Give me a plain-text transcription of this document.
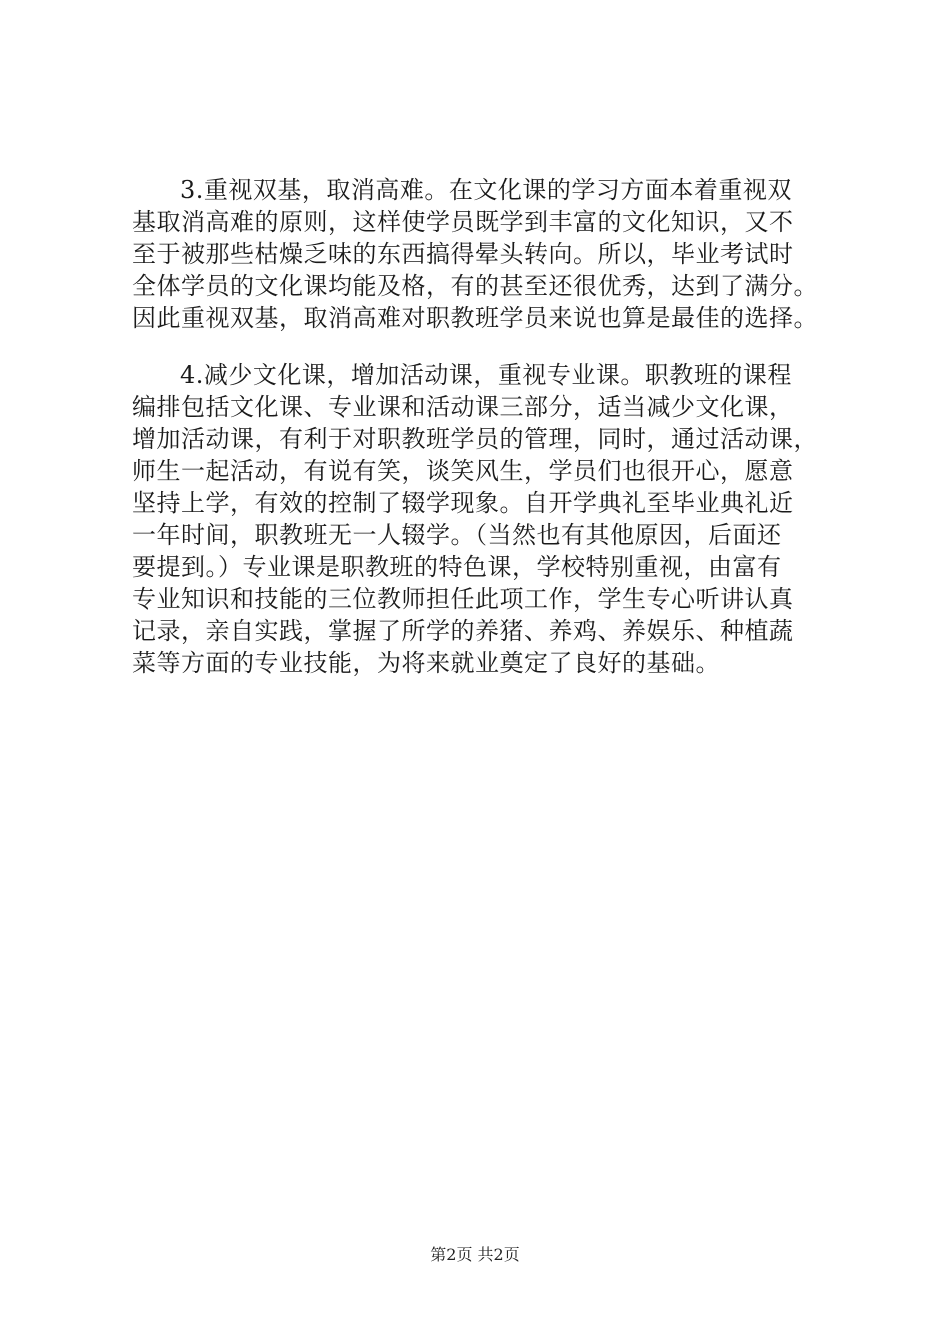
3.重视双基，取消高难。在文化课的学习方面本着重视双
基取消高难的原则，这样使学员既学到丰富的文化知识，又不
至于被那些枯燥乏味的东西搞得晕头转向。所以，毕业考试时
全体学员的文化课均能及格，有的甚至还很优秀，达到了满分。
因此重视双基，取消高难对职教班学员来说也算是最佳的选择。
4.减少文化课，增加活动课，重视专业课。职教班的课程
编排包括文化课、专业课和活动课三部分，适当减少文化课，
增加活动课，有利于对职教班学员的管理，同时，通过活动课，
师生一起活动，有说有笑，谈笑风生，学员们也很开心，愿意
坚持上学，有效的控制了辍学现象。自开学典礼至毕业典礼近
一年时间，职教班无一人辍学。（当然也有其他原因，后面还
要提到。）专业课是职教班的特色课，学校特别重视，由富有
专业知识和技能的三位教师担任此项工作，学生专心听讲认真
记录，亲自实践，掌握了所学的养猪、养鸡、养娱乐、种植蔬
菜等方面的专业技能，为将来就业奠定了良好的基础。
第2页 共2页
